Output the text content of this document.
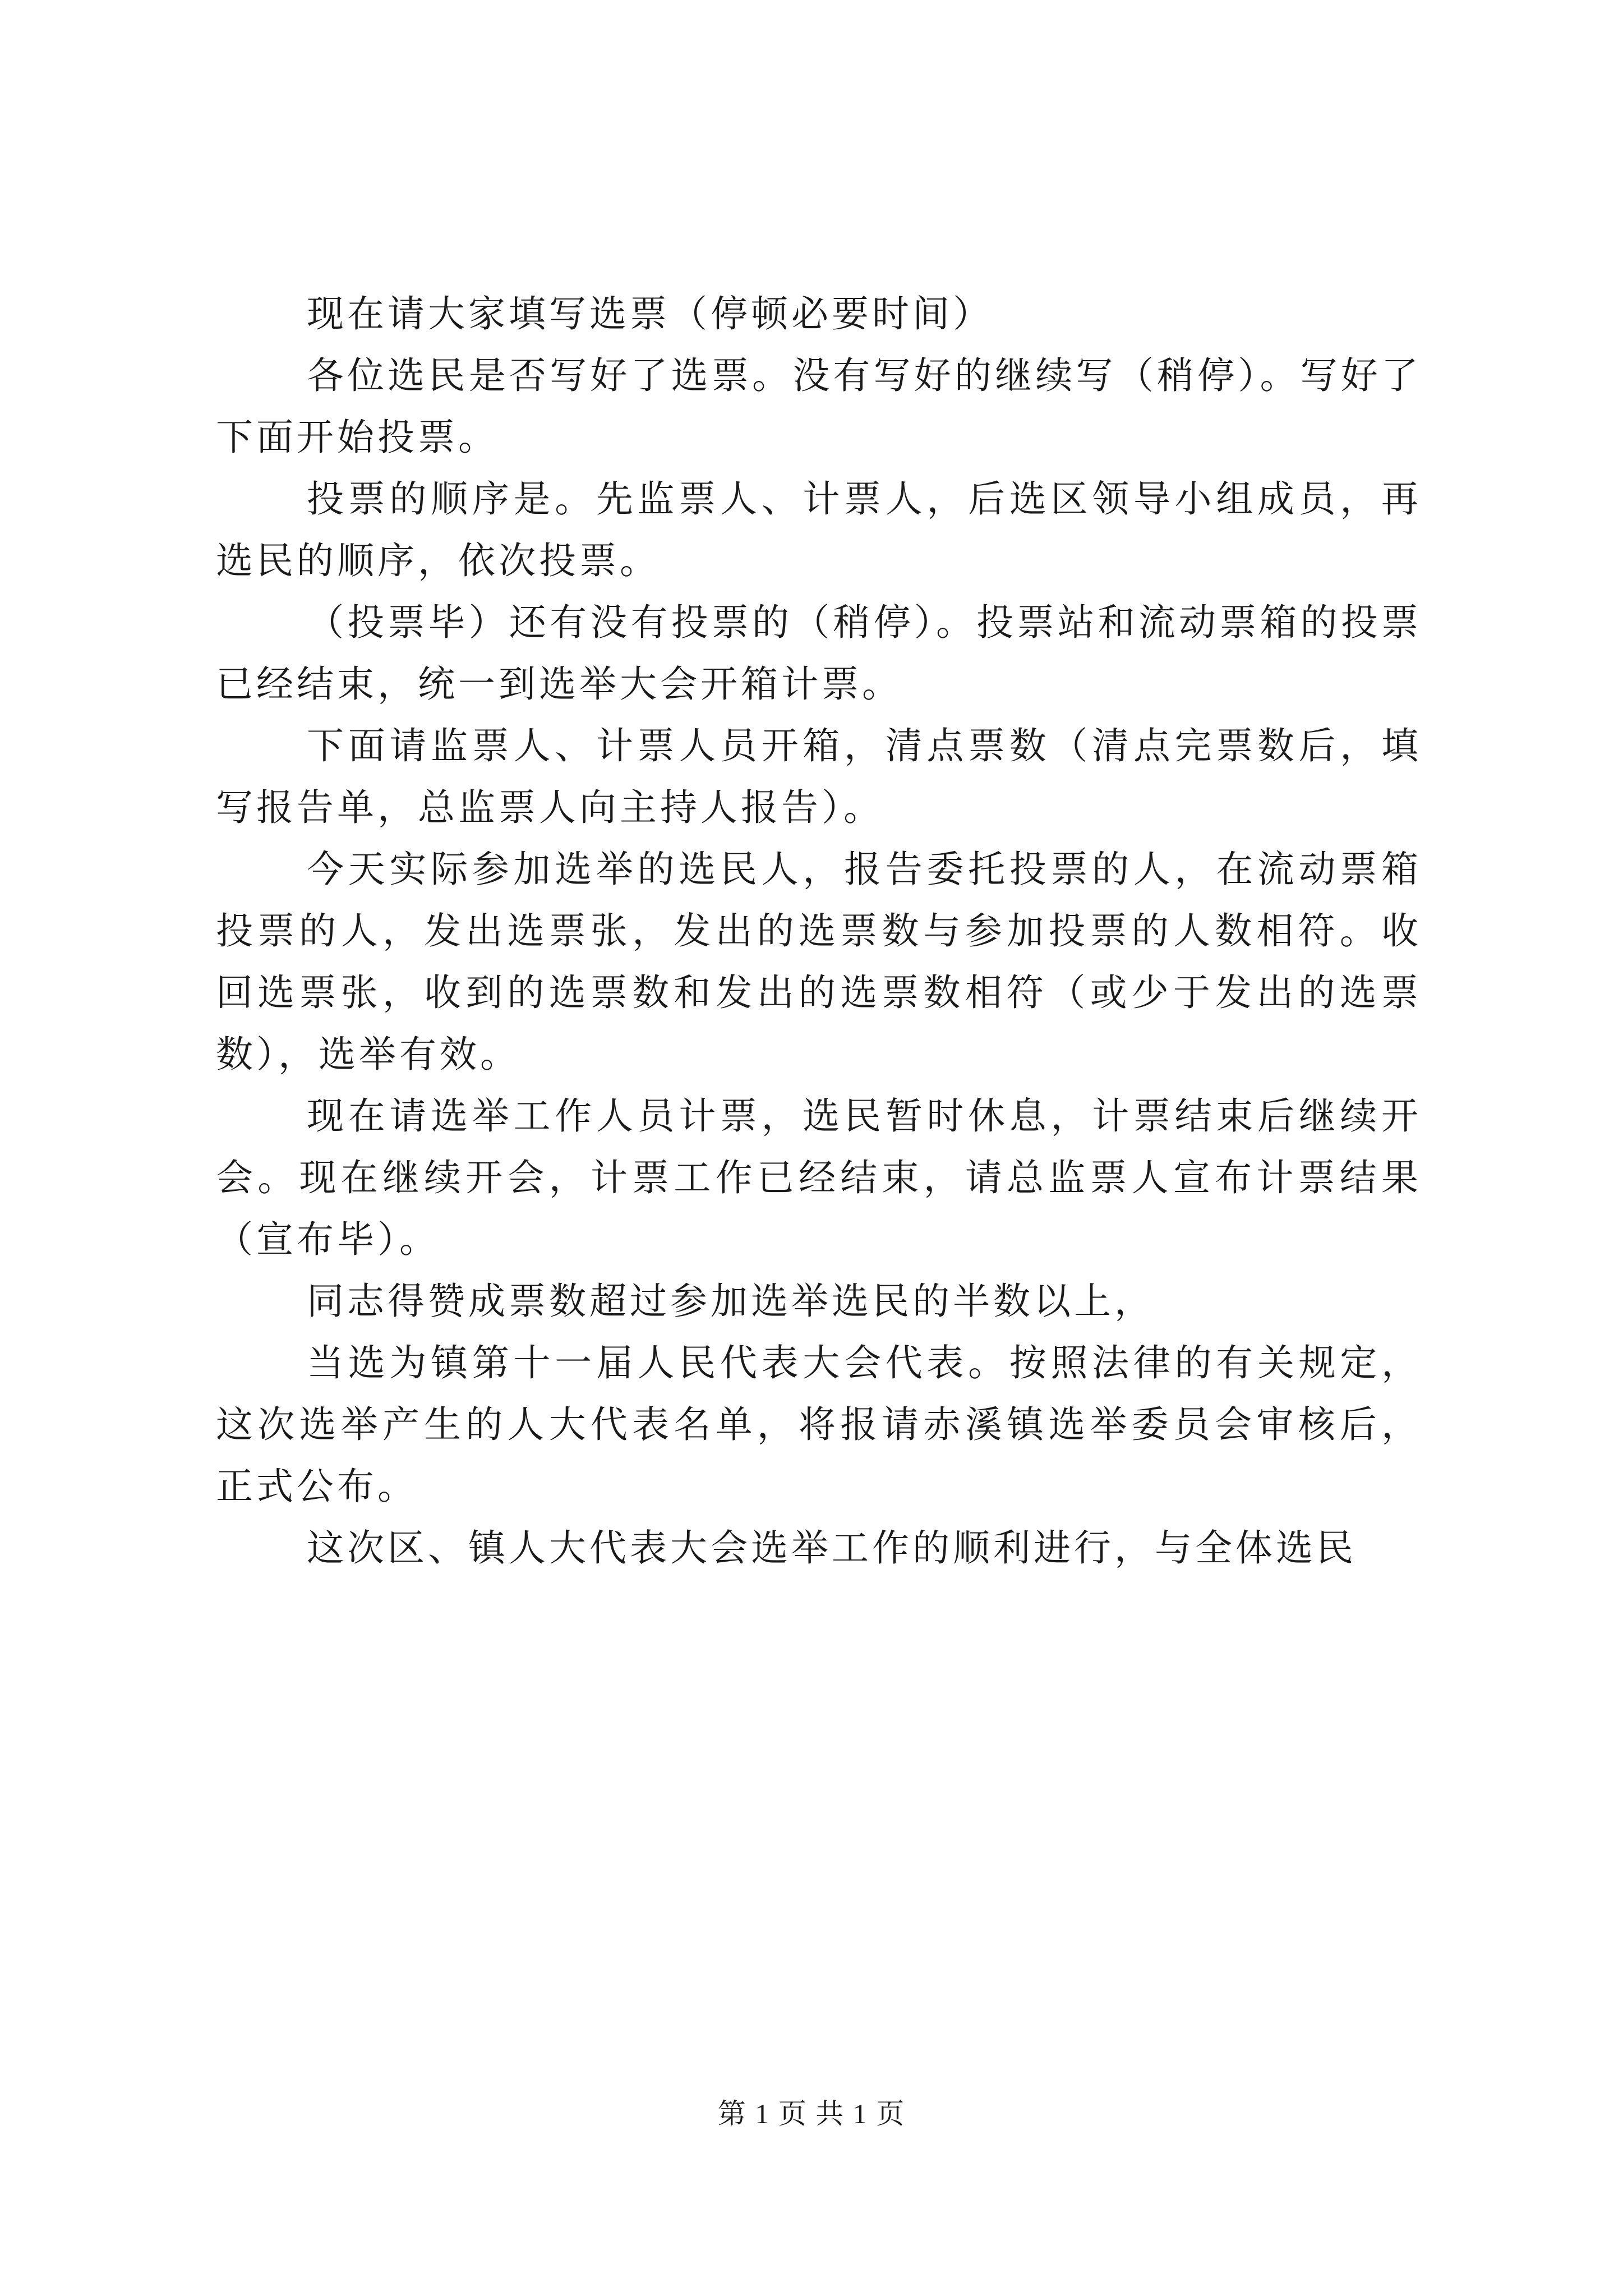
现在请大家填写选票（停顿必要时间）

各位选民是否写好了选票。没有写好的继续写（稍停）。写好了下面开始投票。

投票的顺序是。先监票人、计票人，后选区领导小组成员，再选民的顺序，依次投票。

（投票毕）还有没有投票的（稍停）。投票站和流动票箱的投票已经结束，统一到选举大会开箱计票。

下面请监票人、计票人员开箱，清点票数（清点完票数后，填写报告单，总监票人向主持人报告）。

今天实际参加选举的选民人，报告委托投票的人，在流动票箱投票的人，发出选票张，发出的选票数与参加投票的人数相符。收回选票张，收到的选票数和发出的选票数相符（或少于发出的选票数），选举有效。

现在请选举工作人员计票，选民暂时休息，计票结束后继续开会。现在继续开会，计票工作已经结束，请总监票人宣布计票结果（宣布毕）。

同志得赞成票数超过参加选举选民的半数以上，

当选为镇第十一届人民代表大会代表。按照法律的有关规定，这次选举产生的人大代表名单，将报请赤溪镇选举委员会审核后，正式公布。

这次区、镇人大代表大会选举工作的顺利进行，与全体选民

第 1 页 共 1 页
